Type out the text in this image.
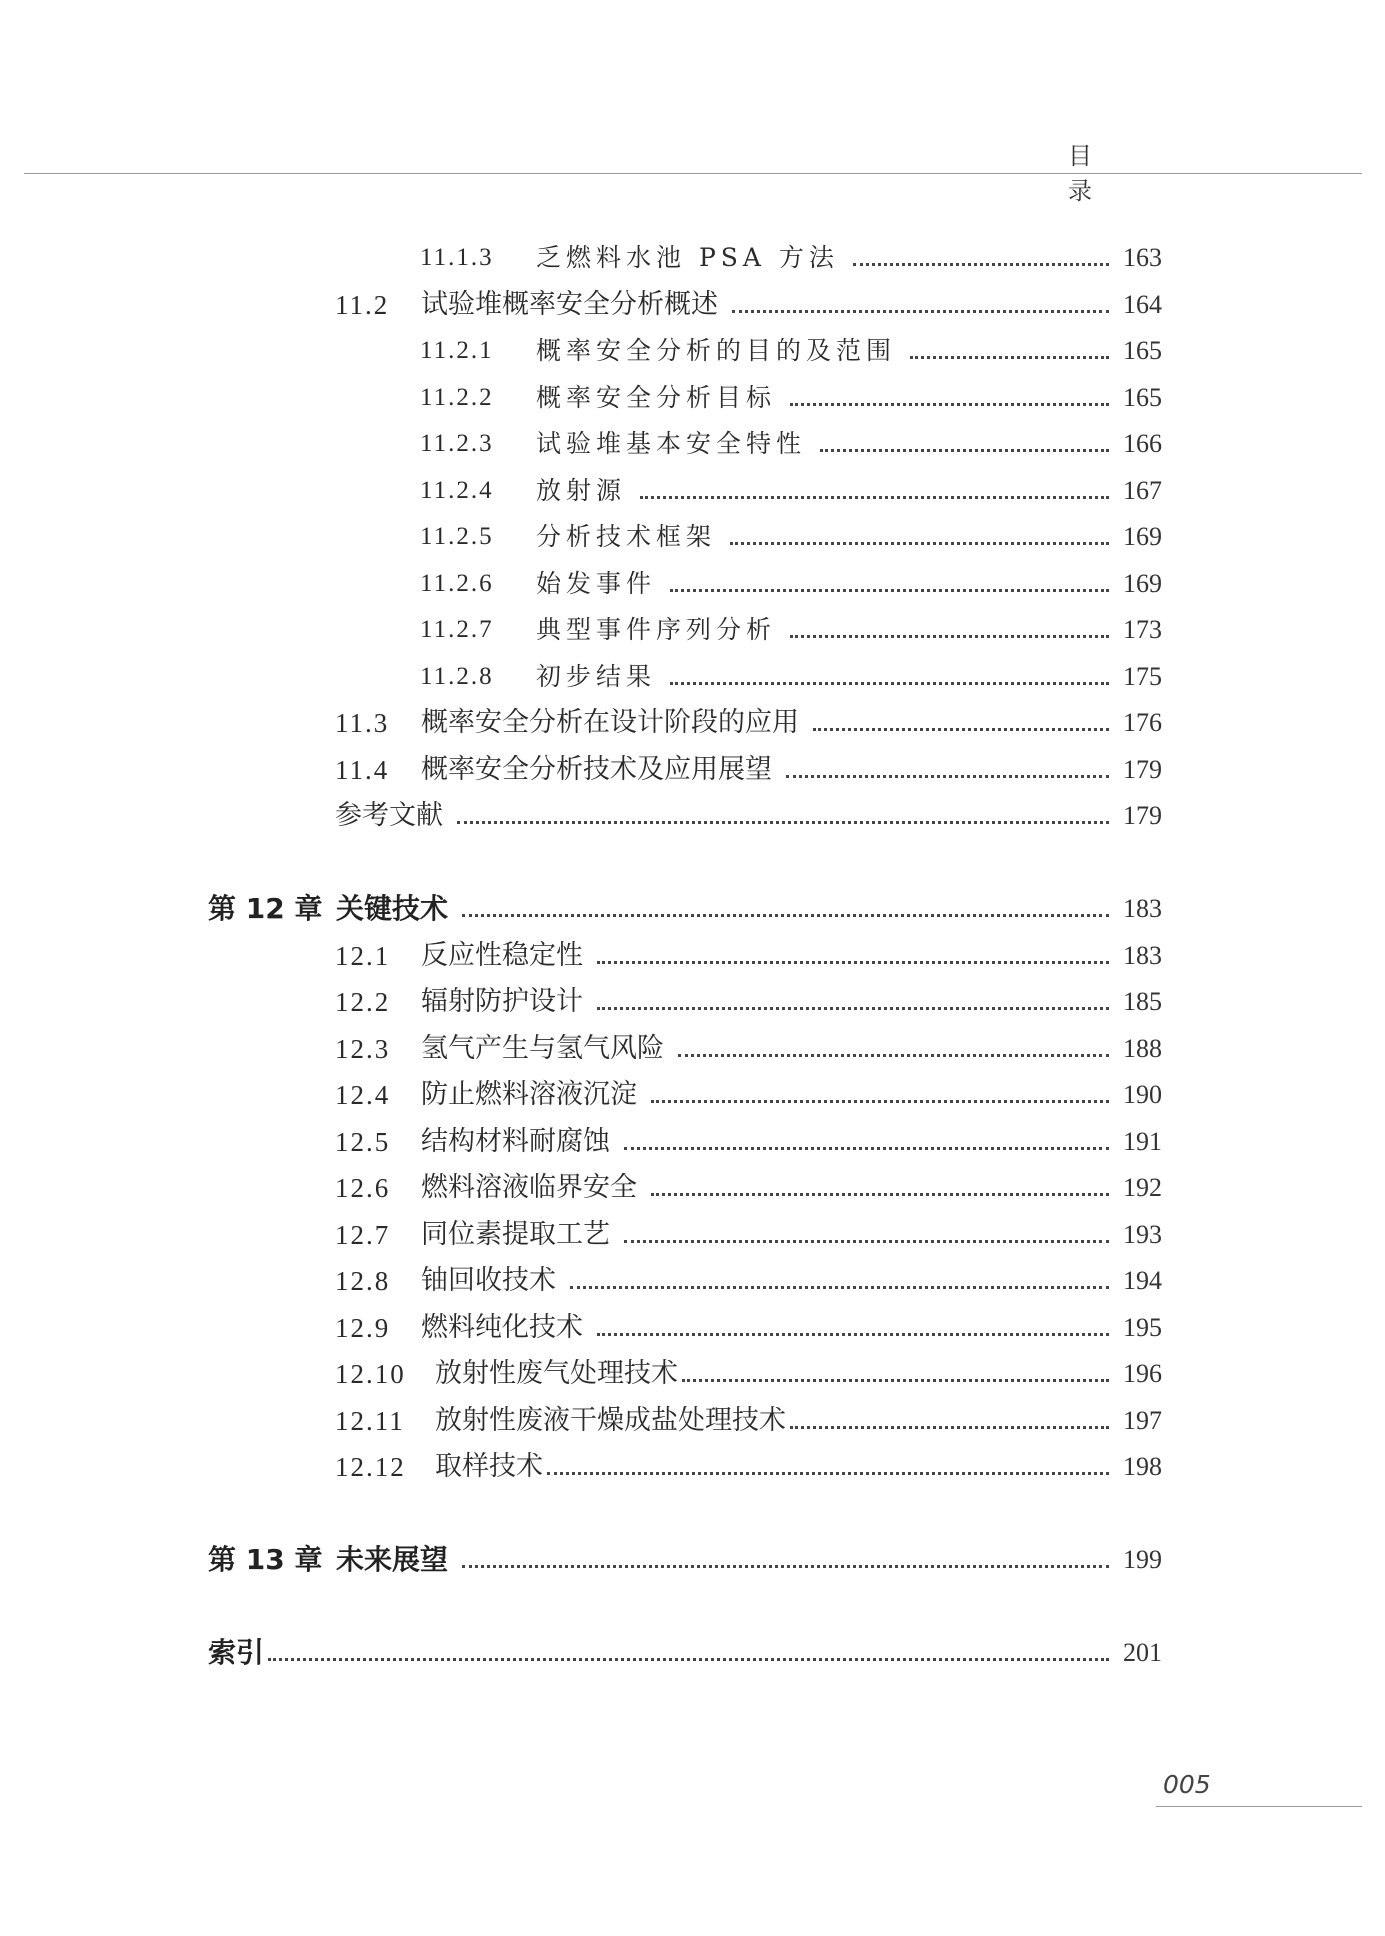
目 录
11.1.3	乏燃料水池 PSA 方法	163
11.2	试验堆概率安全分析概述	164
11.2.1	概率安全分析的目的及范围	165
11.2.2	概率安全分析目标	165
11.2.3	试验堆基本安全特性	166
11.2.4	放射源	167
11.2.5	分析技术框架	169
11.2.6	始发事件	169
11.2.7	典型事件序列分析	173
11.2.8	初步结果	175
11.3	概率安全分析在设计阶段的应用	176
11.4	概率安全分析技术及应用展望	179
参考文献	179
第 12 章 关键技术	183
12.1	反应性稳定性	183
12.2	辐射防护设计	185
12.3	氢气产生与氢气风险	188
12.4	防止燃料溶液沉淀	190
12.5	结构材料耐腐蚀	191
12.6	燃料溶液临界安全	192
12.7	同位素提取工艺	193
12.8	铀回收技术	194
12.9	燃料纯化技术	195
12.10	放射性废气处理技术	196
12.11	放射性废液干燥成盐处理技术	197
12.12	取样技术	198
第 13 章 未来展望	199
索引	201
005
